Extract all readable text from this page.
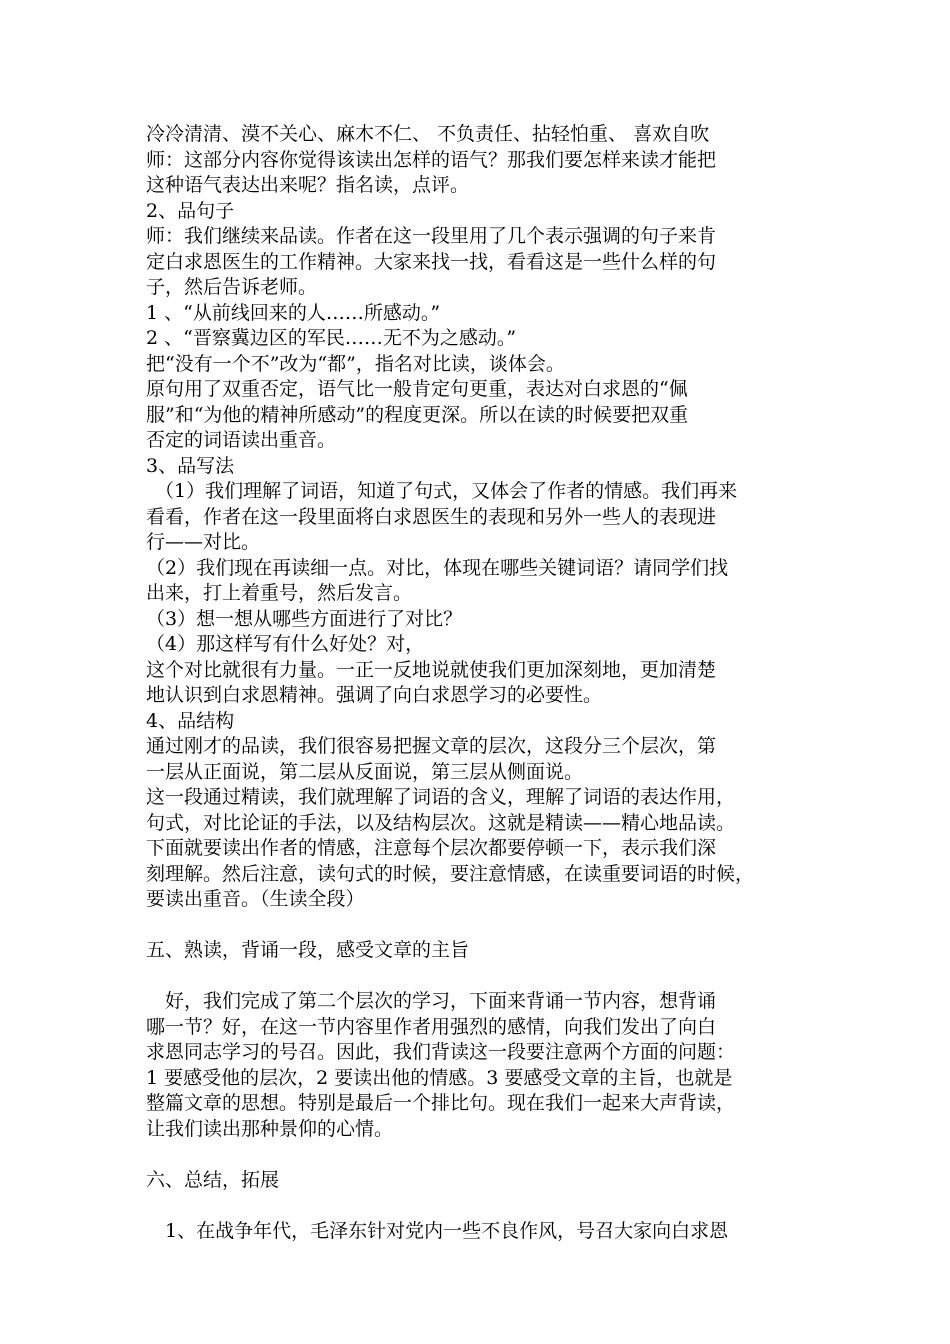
冷冷清清、漠不关心、麻木不仁、 不负责任、拈轻怕重、 喜欢自吹
师：这部分内容你觉得该读出怎样的语气？那我们要怎样来读才能把
这种语气表达出来呢？指名读，点评。
2、品句子
师：我们继续来品读。作者在这一段里用了几个表示强调的句子来肯
定白求恩医生的工作精神。大家来找一找，看看这是一些什么样的句
子，然后告诉老师。
1 、“从前线回来的人……所感动。”
2 、“晋察冀边区的军民……无不为之感动。”
把“没有一个不”改为“都”，指名对比读，谈体会。
原句用了双重否定，语气比一般肯定句更重，表达对白求恩的“佩
服”和“为他的精神所感动”的程度更深。所以在读的时候要把双重
否定的词语读出重音。
3、品写法
（1）我们理解了词语，知道了句式，又体会了作者的情感。我们再来
看看，作者在这一段里面将白求恩医生的表现和另外一些人的表现进
行——对比。
（2）我们现在再读细一点。对比，体现在哪些关键词语？请同学们找
出来，打上着重号，然后发言。
（3）想一想从哪些方面进行了对比？
（4）那这样写有什么好处？对，
这个对比就很有力量。一正一反地说就使我们更加深刻地，更加清楚
地认识到白求恩精神。强调了向白求恩学习的必要性。
4、品结构
通过刚才的品读，我们很容易把握文章的层次，这段分三个层次，第
一层从正面说，第二层从反面说，第三层从侧面说。
这一段通过精读，我们就理解了词语的含义，理解了词语的表达作用，
句式，对比论证的手法，以及结构层次。这就是精读——精心地品读。
下面就要读出作者的情感，注意每个层次都要停顿一下，表示我们深
刻理解。然后注意，读句式的时候，要注意情感，在读重要词语的时候，
要读出重音。（生读全段）
五、熟读，背诵一段，感受文章的主旨
好，我们完成了第二个层次的学习，下面来背诵一节内容，想背诵
哪一节？好，在这一节内容里作者用强烈的感情，向我们发出了向白
求恩同志学习的号召。因此，我们背读这一段要注意两个方面的问题：
1 要感受他的层次，2 要读出他的情感。3 要感受文章的主旨，也就是
整篇文章的思想。特别是最后一个排比句。现在我们一起来大声背读，
让我们读出那种景仰的心情。
六、总结，拓展
1、在战争年代，毛泽东针对党内一些不良作风，号召大家向白求恩
